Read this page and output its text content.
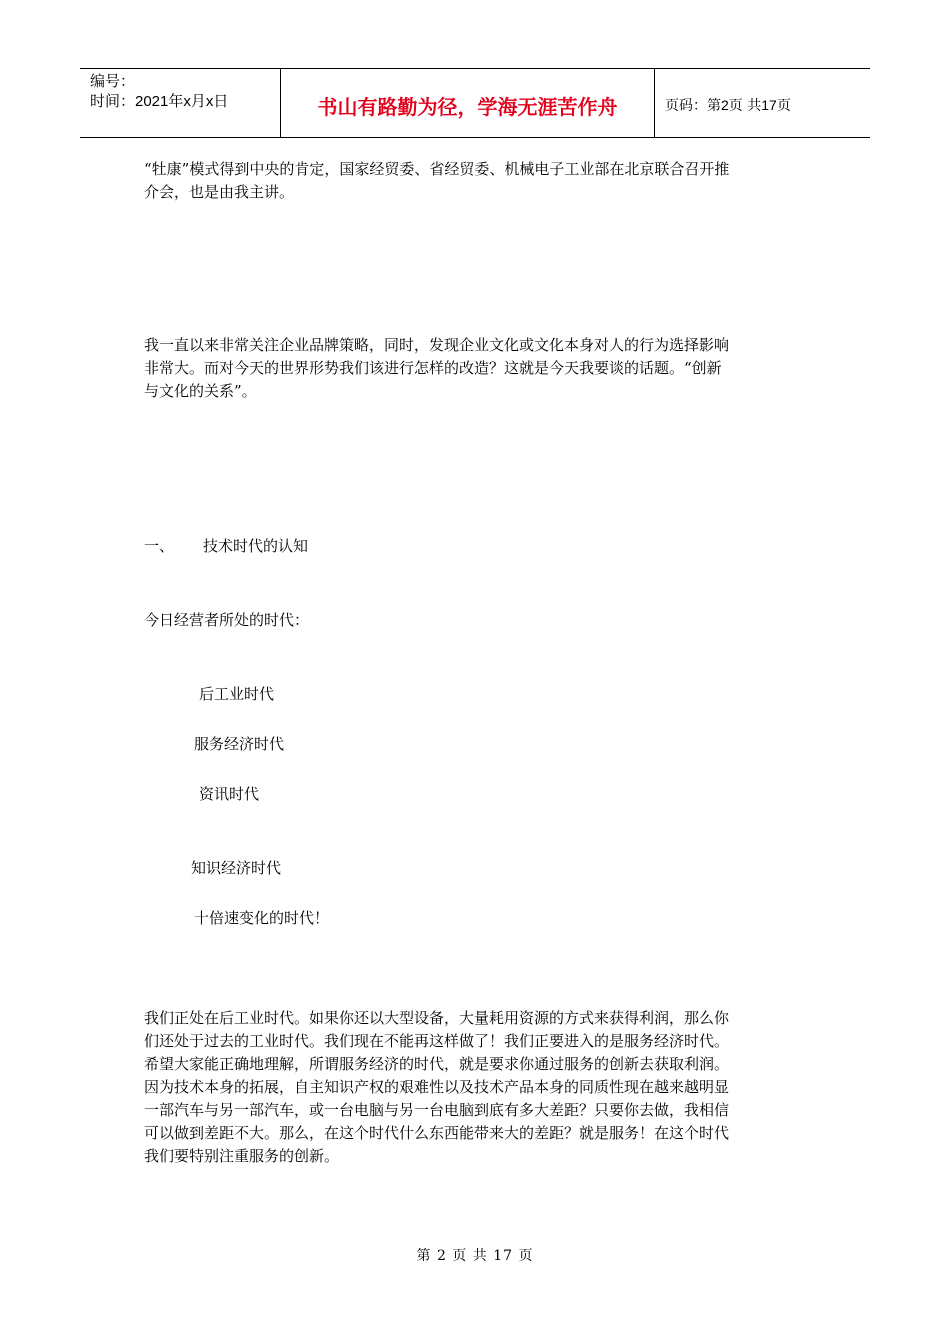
编号：
时间：2021年x月x日	书山有路勤为径，学海无涯苦作舟	页码：第 2 页 共 17 页
“牡康”模式得到中央的肯定，国家经贸委、省经贸委、机械电子工业部在北京联合召开推
介会，也是由我主讲。
我一直以来非常关注企业品牌策略，同时，发现企业文化或文化本身对人的行为选择影响
非常大。而对今天的世界形势我们该进行怎样的改造？这就是今天我要谈的话题。“创新
与文化的关系”。
一、 技术时代的认知
今日经营者所处的时代：
后工业时代
服务经济时代
资讯时代
知识经济时代
十倍速变化的时代！
我们正处在后工业时代。如果你还以大型设备，大量耗用资源的方式来获得利润，那么你
们还处于过去的工业时代。我们现在不能再这样做了！我们正要进入的是服务经济时代。
希望大家能正确地理解，所谓服务经济的时代，就是要求你通过服务的创新去获取利润。
因为技术本身的拓展，自主知识产权的艰难性以及技术产品本身的同质性现在越来越明显
一部汽车与另一部汽车，或一台电脑与另一台电脑到底有多大差距？只要你去做，我相信
可以做到差距不大。那么，在这个时代什么东西能带来大的差距？就是服务！在这个时代
我们要特别注重服务的创新。
第 2 页 共 17 页
